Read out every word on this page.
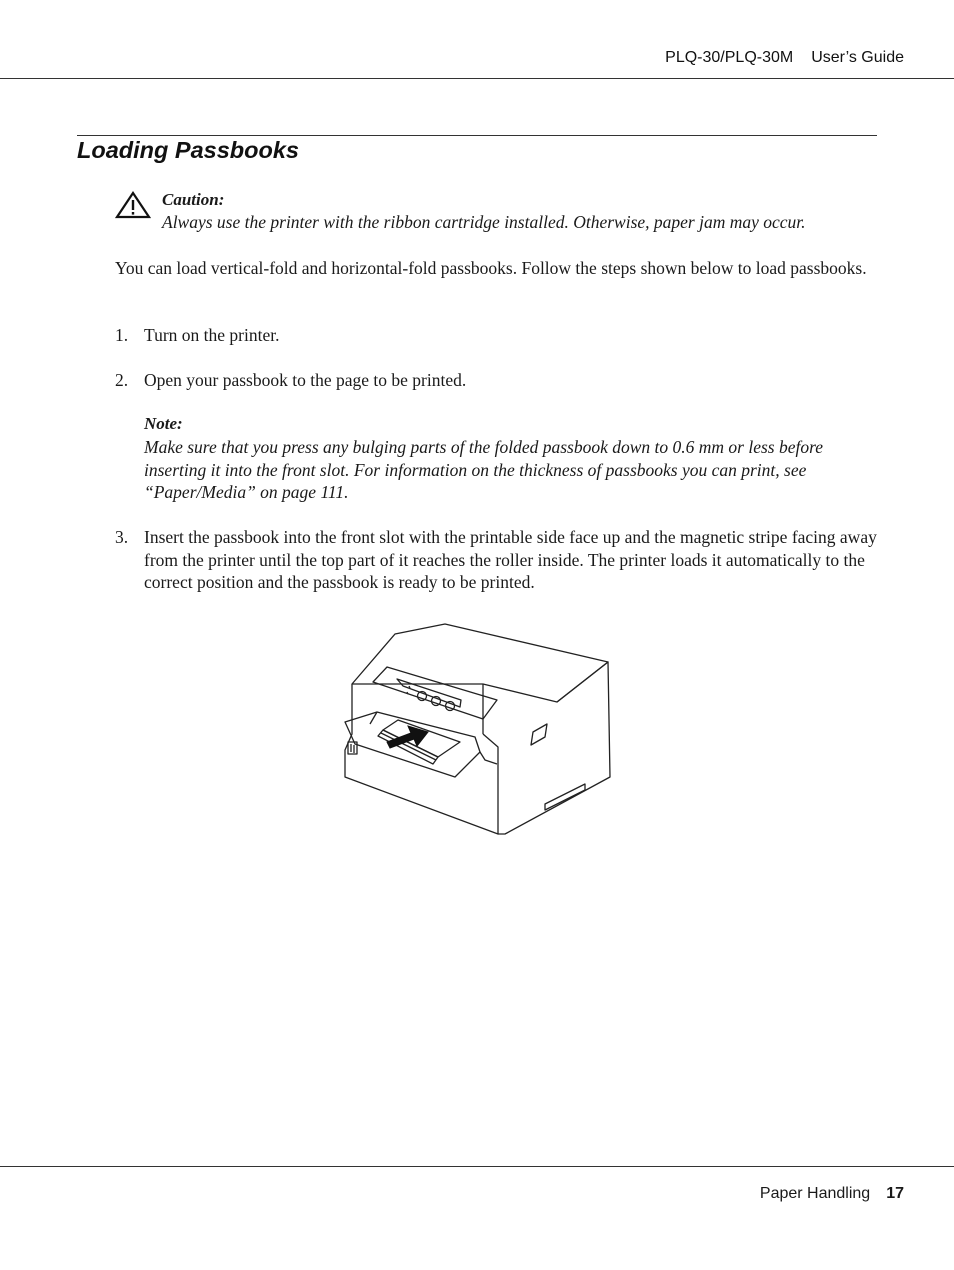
PLQ-30/PLQ-30M User’s Guide
Loading Passbooks
Caution:
Always use the printer with the ribbon cartridge installed. Otherwise, paper jam may occur.
You can load vertical-fold and horizontal-fold passbooks. Follow the steps shown below to load passbooks.
1. Turn on the printer.
2. Open your passbook to the page to be printed.
Note:
Make sure that you press any bulging parts of the folded passbook down to 0.6 mm or less before inserting it into the front slot. For information on the thickness of passbooks you can print, see “Paper/Media” on page 111.
3. Insert the passbook into the front slot with the printable side face up and the magnetic stripe facing away from the printer until the top part of it reaches the roller inside. The printer loads it automatically to the correct position and the passbook is ready to be printed.
Paper Handling 17
